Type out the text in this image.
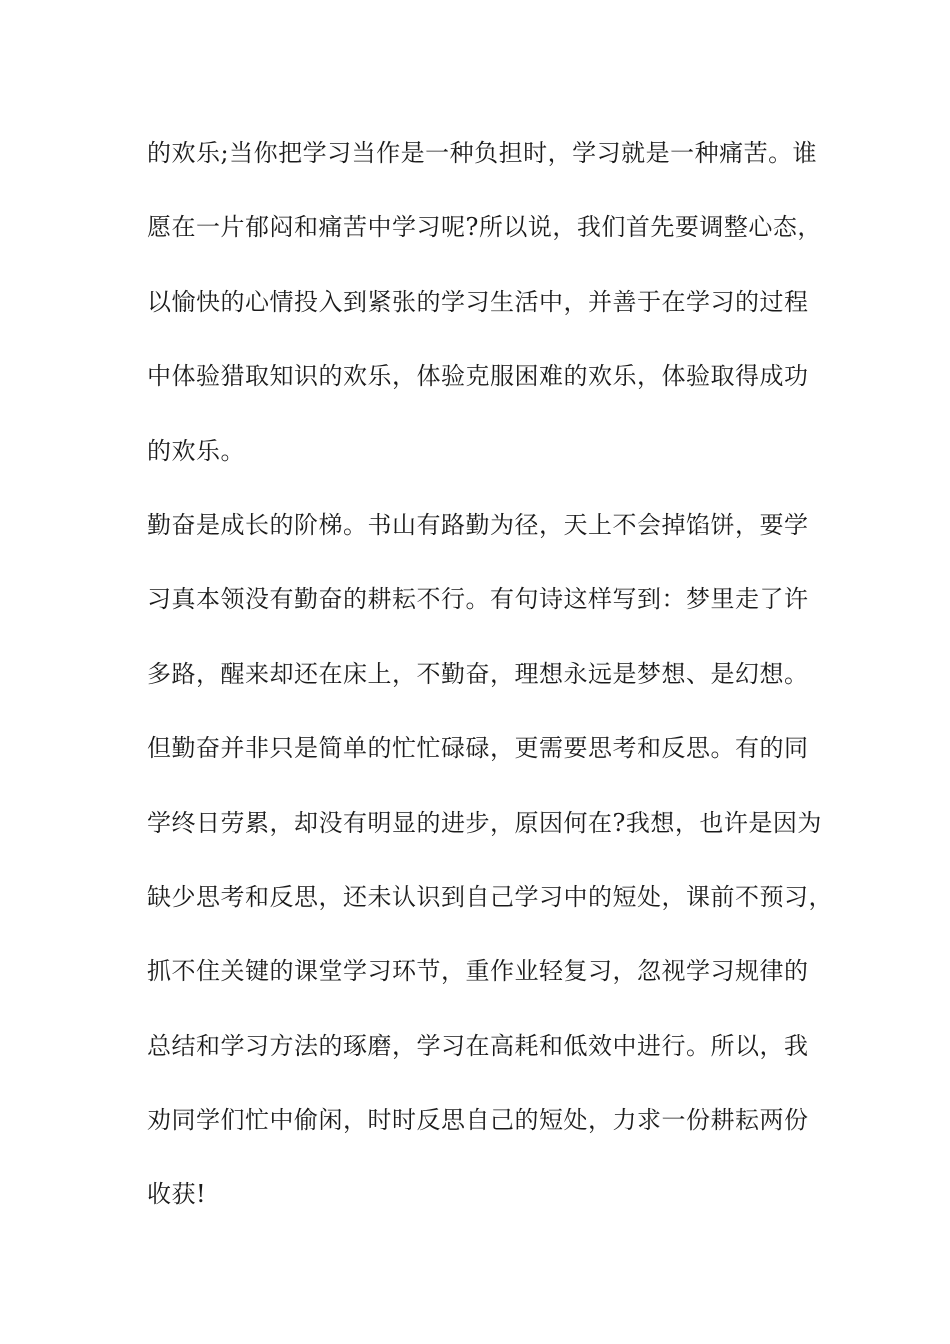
的欢乐;当你把学习当作是一种负担时，学习就是一种痛苦。谁
愿在一片郁闷和痛苦中学习呢?所以说，我们首先要调整心态，
以愉快的心情投入到紧张的学习生活中，并善于在学习的过程
中体验猎取知识的欢乐，体验克服困难的欢乐，体验取得成功
的欢乐。
勤奋是成长的阶梯。书山有路勤为径，天上不会掉馅饼，要学
习真本领没有勤奋的耕耘不行。有句诗这样写到：梦里走了许
多路，醒来却还在床上，不勤奋，理想永远是梦想、是幻想。
但勤奋并非只是简单的忙忙碌碌，更需要思考和反思。有的同
学终日劳累，却没有明显的进步，原因何在?我想，也许是因为
缺少思考和反思，还未认识到自己学习中的短处，课前不预习，
抓不住关键的课堂学习环节，重作业轻复习，忽视学习规律的
总结和学习方法的琢磨，学习在高耗和低效中进行。所以，我
劝同学们忙中偷闲，时时反思自己的短处，力求一份耕耘两份
收获!
